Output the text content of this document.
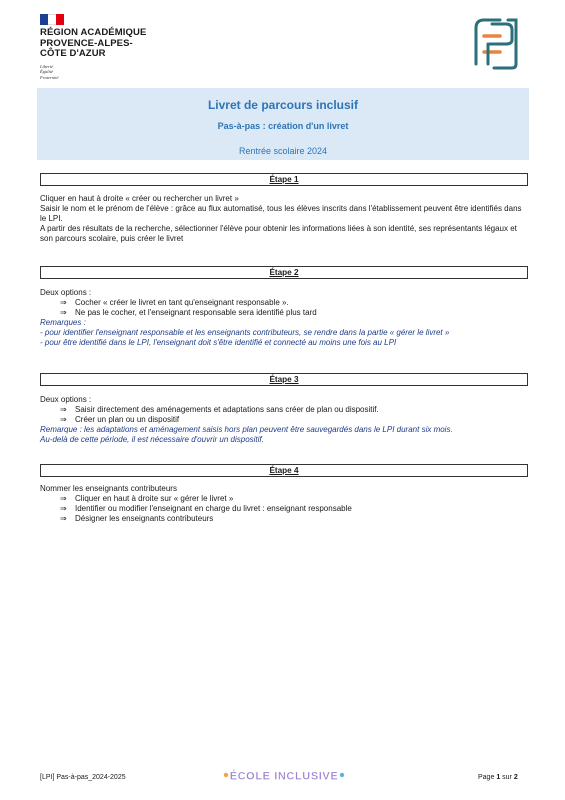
RÉGION ACADÉMIQUE
PROVENCE-ALPES-
CÔTE D'AZUR
Liberté
Égalité
Fraternité
Livret de parcours inclusif
Pas-à-pas : création d'un livret
Rentrée scolaire 2024
Étape 1

Cliquer en haut à droite « créer ou rechercher un livret »

Saisir le nom et le prénom de l'élève : grâce au flux automatisé, tous les élèves inscrits dans l'établissement peuvent être identifiés dans le LPI.

A partir des résultats de la recherche, sélectionner l'élève pour obtenir les informations liées à son identité, ses représentants légaux et son parcours scolaire, puis créer le livret

Étape 2

Deux options :

⇒ Cocher « créer le livret en tant qu'enseignant responsable ».

⇒ Ne pas le cocher, et l'enseignant responsable sera identifié plus tard

Remarques :

- pour identifier l'enseignant responsable et les enseignants contributeurs, se rendre dans la partie « gérer le livret »

- pour être identifié dans le LPI, l'enseignant doit s'être identifié et connecté au moins une fois au LPI

Étape 3

Deux options :

⇒ Saisir directement des aménagements et adaptations sans créer de plan ou dispositif.

⇒ Créer un plan ou un dispositif

Remarque : les adaptations et aménagement saisis hors plan peuvent être sauvegardés dans le LPI durant six mois.

Au-delà de cette période, il est nécessaire d'ouvrir un dispositif.

Étape 4

Nommer les enseignants contributeurs

⇒ Cliquer en haut à droite sur « gérer le livret »

⇒ Identifier ou modifier l'enseignant en charge du livret : enseignant responsable

⇒ Désigner les enseignants contributeurs

[LPI] Pas-à-pas_2024-2025	ÉCOLE INCLUSIVE	Page 1 sur 2
